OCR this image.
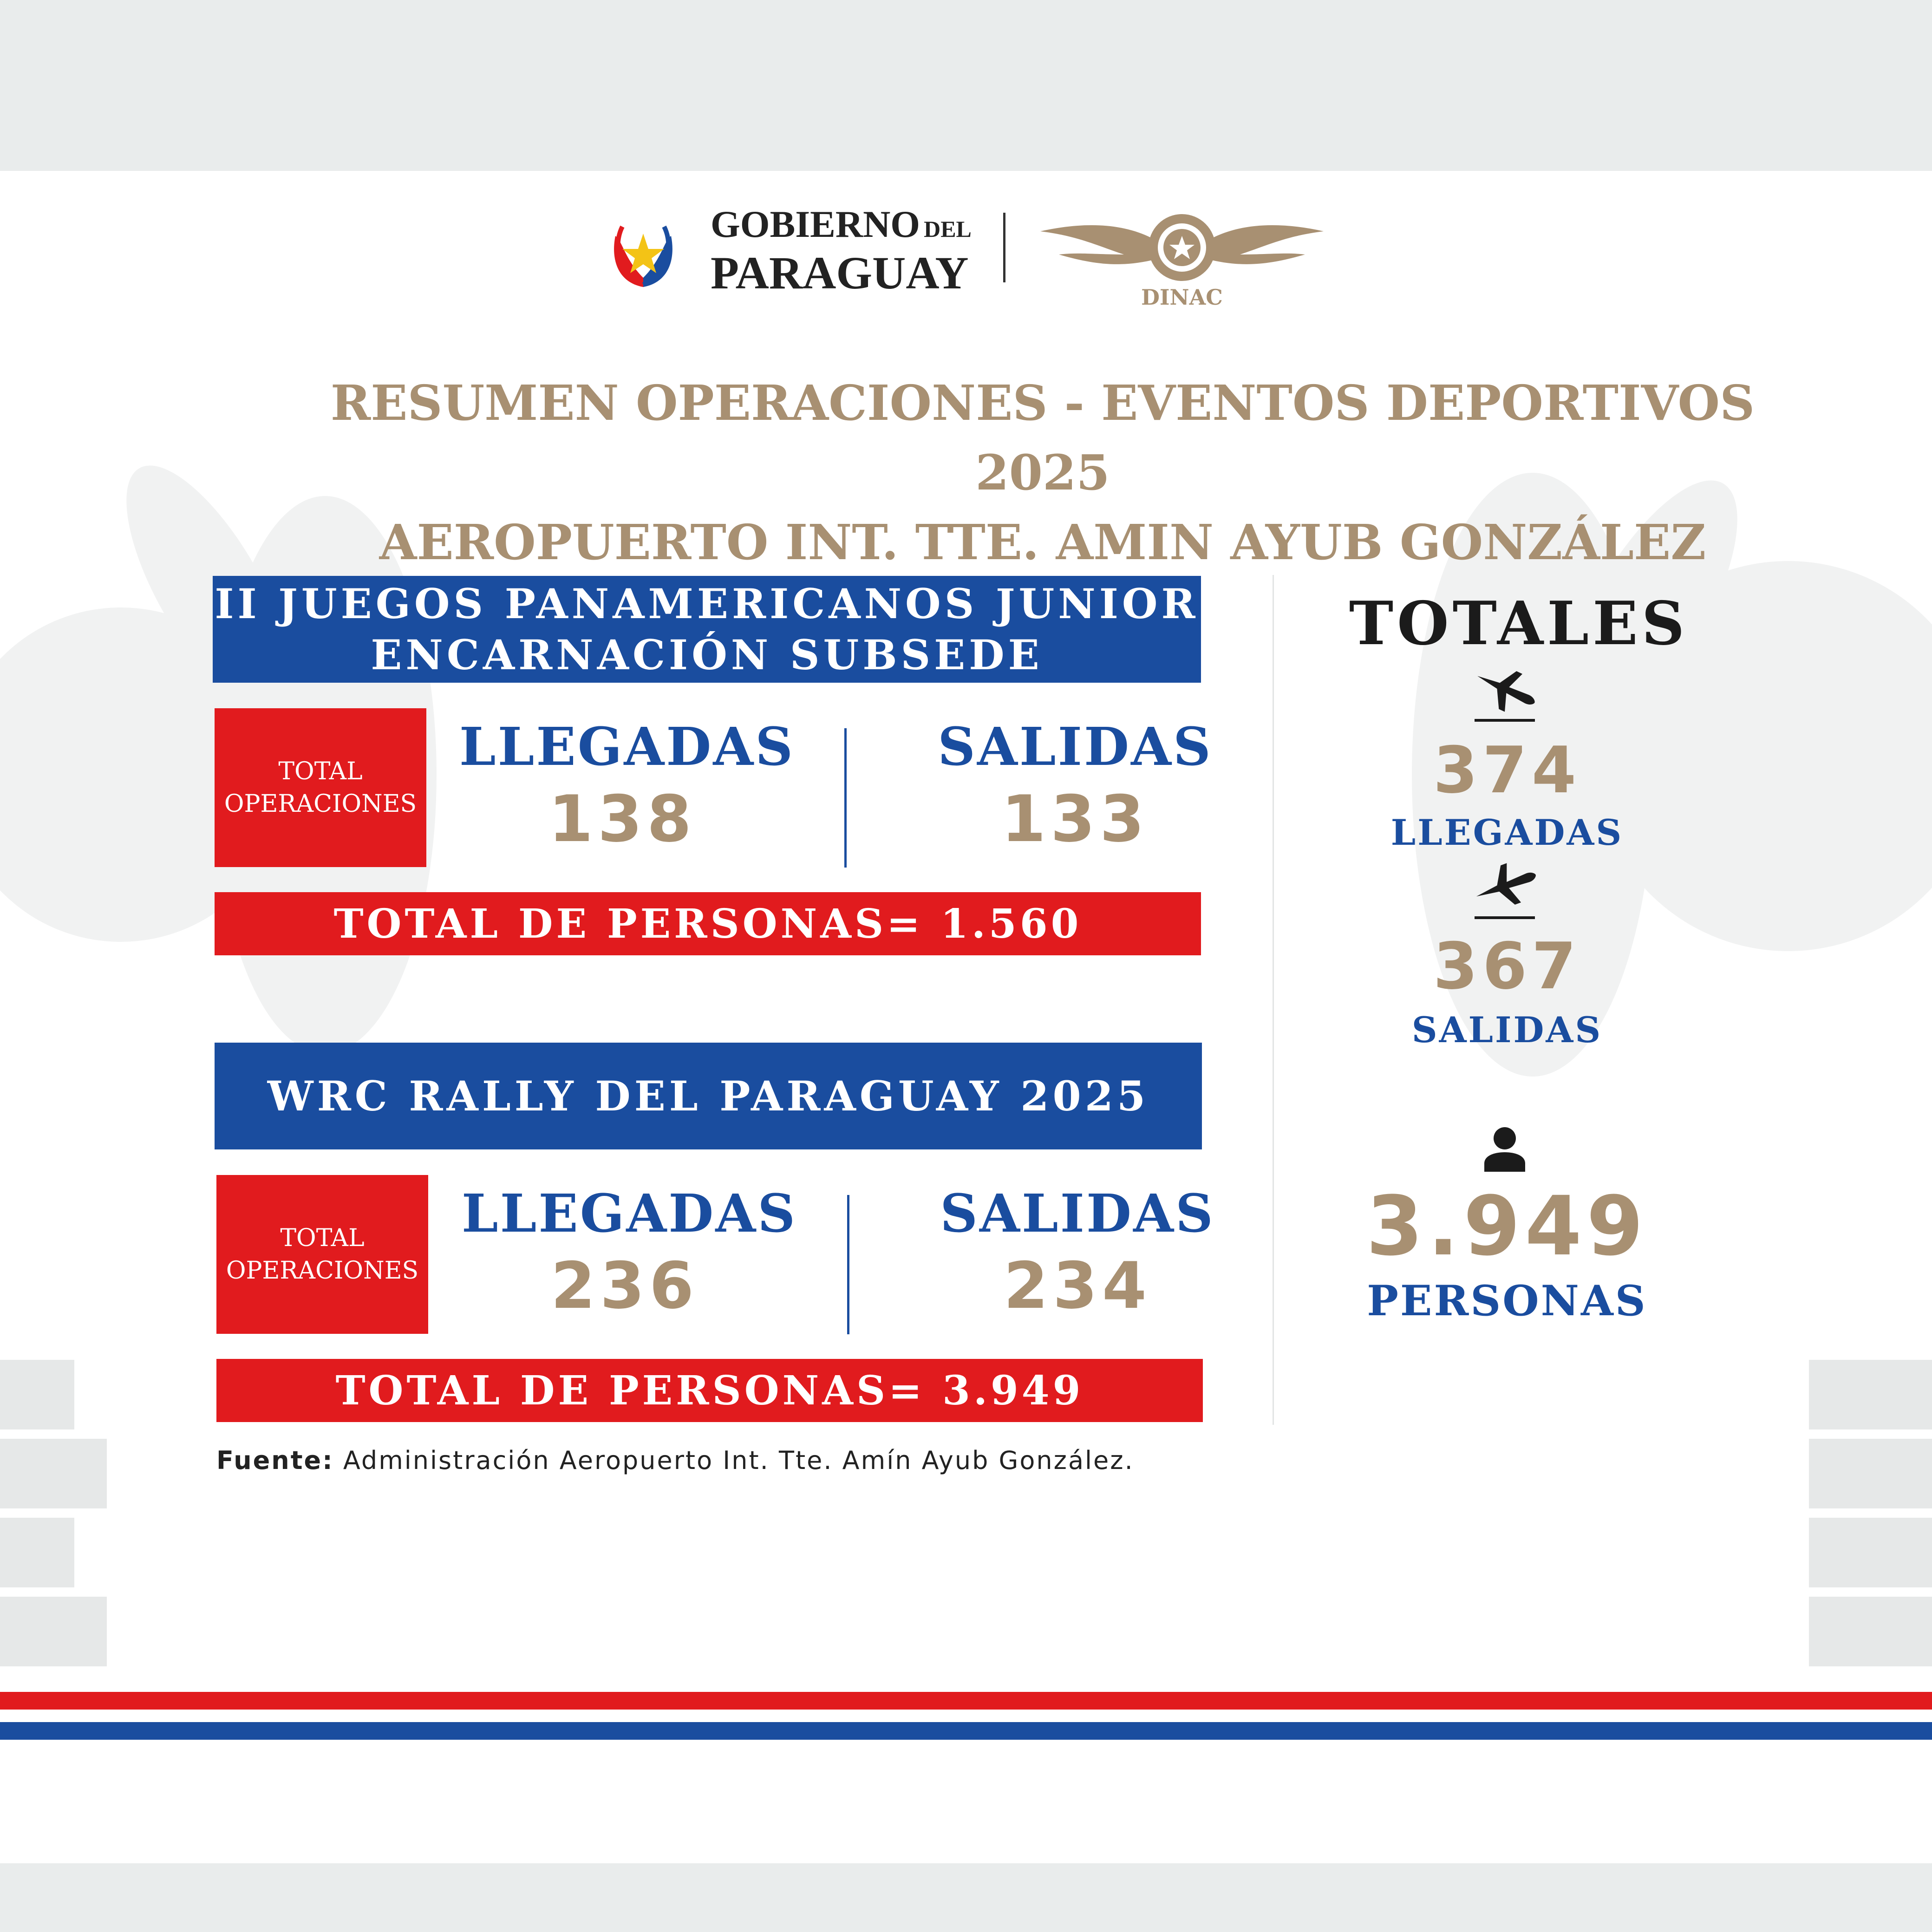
GOBIERNO DEL
PARAGUAY	DINAC
RESUMEN OPERACIONES - EVENTOS DEPORTIVOS 2025
AEROPUERTO INT. TTE. AMIN AYUB GONZÁLEZ
II JUEGOS PANAMERICANOS JUNIOR
ENCARNACIÓN SUBSEDE
TOTAL
OPERACIONES
LLEGADAS
138
SALIDAS
133
TOTAL DE PERSONAS= 1.560
WRC RALLY DEL PARAGUAY 2025
TOTAL
OPERACIONES
LLEGADAS
236
SALIDAS
234
TOTAL DE PERSONAS= 3.949
Fuente: Administración Aeropuerto Int. Tte. Amín Ayub González.
TOTALES
374
LLEGADAS
367
SALIDAS
3.949
PERSONAS
